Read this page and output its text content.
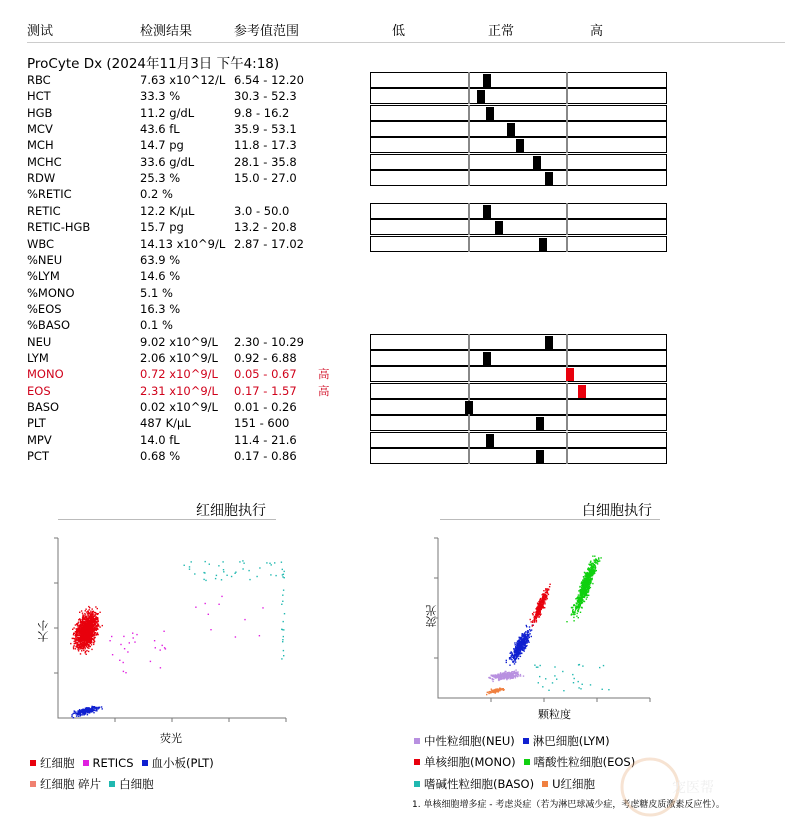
测试	检测结果	参考值范围	低	正常	高
ProCyte Dx (2024年11月3日 下午4:18)
RBC	7.63 x10^12/L 6.54 - 12.20
HCT	33.3 %	30.3 - 52.3
HGB	11.2 g/dL	9.8 - 16.2
MCV	43.6 fL	35.9 - 53.1
MCH	14.7 pg	11.8 - 17.3
MCHC	33.6 g/dL	28.1 - 35.8
RDW	25.3 %	15.0 - 27.0
%RETIC	0.2 %
RETIC	12.2 K/µL	3.0 - 50.0
RETIC-HGB	15.7 pg	13.2 - 20.8
WBC	14.13 x10^9/L 2.87 - 17.02
%NEU	63.9 %
%LYM	14.6 %
%MONO	5.1 %
%EOS	16.3 %
%BASO	0.1 %
NEU	9.02 x10^9/L 2.30 - 10.29
LYM	2.06 x10^9/L 0.92 - 6.88
MONO	0.72 x10^9/L 0.05 - 0.67 高
EOS	2.31 x10^9/L 0.17 - 1.57 高
BASO	0.02 x10^9/L 0.01 - 0.26
PLT	487 K/µL	151 - 600
MPV	14.0 fL	11.4 - 21.6
PCT	0.68 %	0.17 - 0.86
红细胞执行
荧光
大小
白细胞执行
颗粒度
荧光
红细胞 RETICS 血小板(PLT)
红细胞 碎片 白细胞
中性粒细胞(NEU) 淋巴细胞(LYM)
单核细胞(MONO) 嗜酸性粒细胞(EOS)
嗜碱性粒细胞(BASO) U红细胞
1. 单核细胞增多症 - 考虑炎症（若为淋巴球减少症，考虑糖皮质激素反应性）。
宠医帮
